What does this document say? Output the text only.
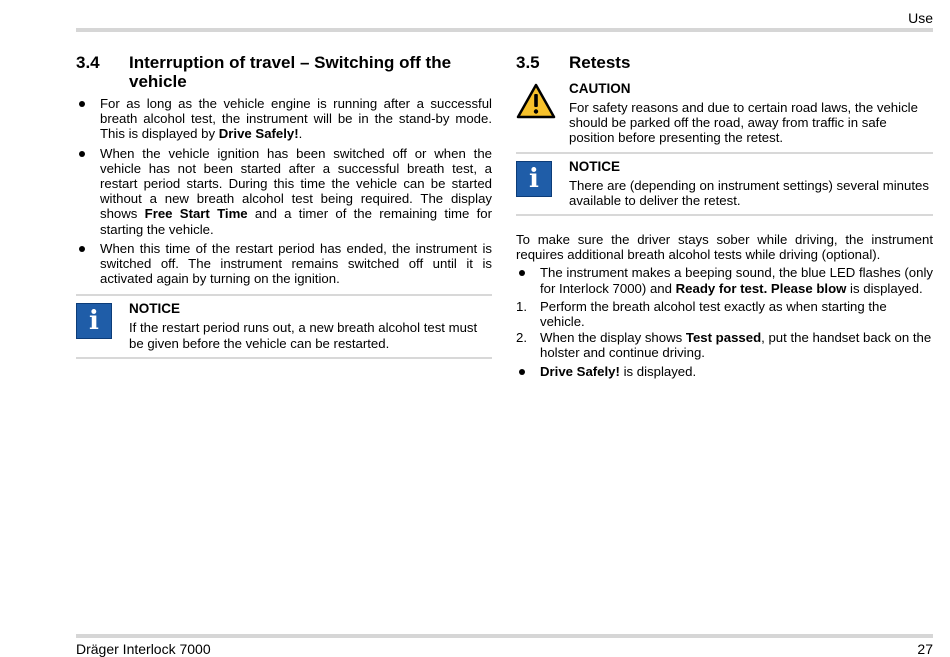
Use
3.4	Interruption of travel – Switching off the vehicle
For as long as the vehicle engine is running after a successful breath alcohol test, the instrument will be in the stand-by mode. This is displayed by Drive Safely!.
When the vehicle ignition has been switched off or when the vehicle has not been started after a successful breath test, a restart period starts. During this time the vehicle can be started without a new breath alcohol test being required. The display shows Free Start Time and a timer of the remaining time for starting the vehicle.
When this time of the restart period has ended, the instrument is switched off. The instrument remains switched off until it is activated again by turning on the ignition.
i	NOTICE
If the restart period runs out, a new breath alcohol test must be given before the vehicle can be restarted.
3.5	Retests
CAUTION
For safety reasons and due to certain road laws, the vehicle should be parked off the road, away from traffic in safe position before presenting the retest.
i	NOTICE
There are (depending on instrument settings) several minutes available to deliver the retest.

To make sure the driver stays sober while driving, the instrument requires additional breath alcohol tests while driving (optional).

The instrument makes a beeping sound, the blue LED flashes (only for Interlock 7000) and Ready for test. Please blow is displayed.
1. Perform the breath alcohol test exactly as when starting the vehicle.
2. When the display shows Test passed, put the handset back on the holster and continue driving.
Drive Safely! is displayed.
Dräger Interlock 7000	27
